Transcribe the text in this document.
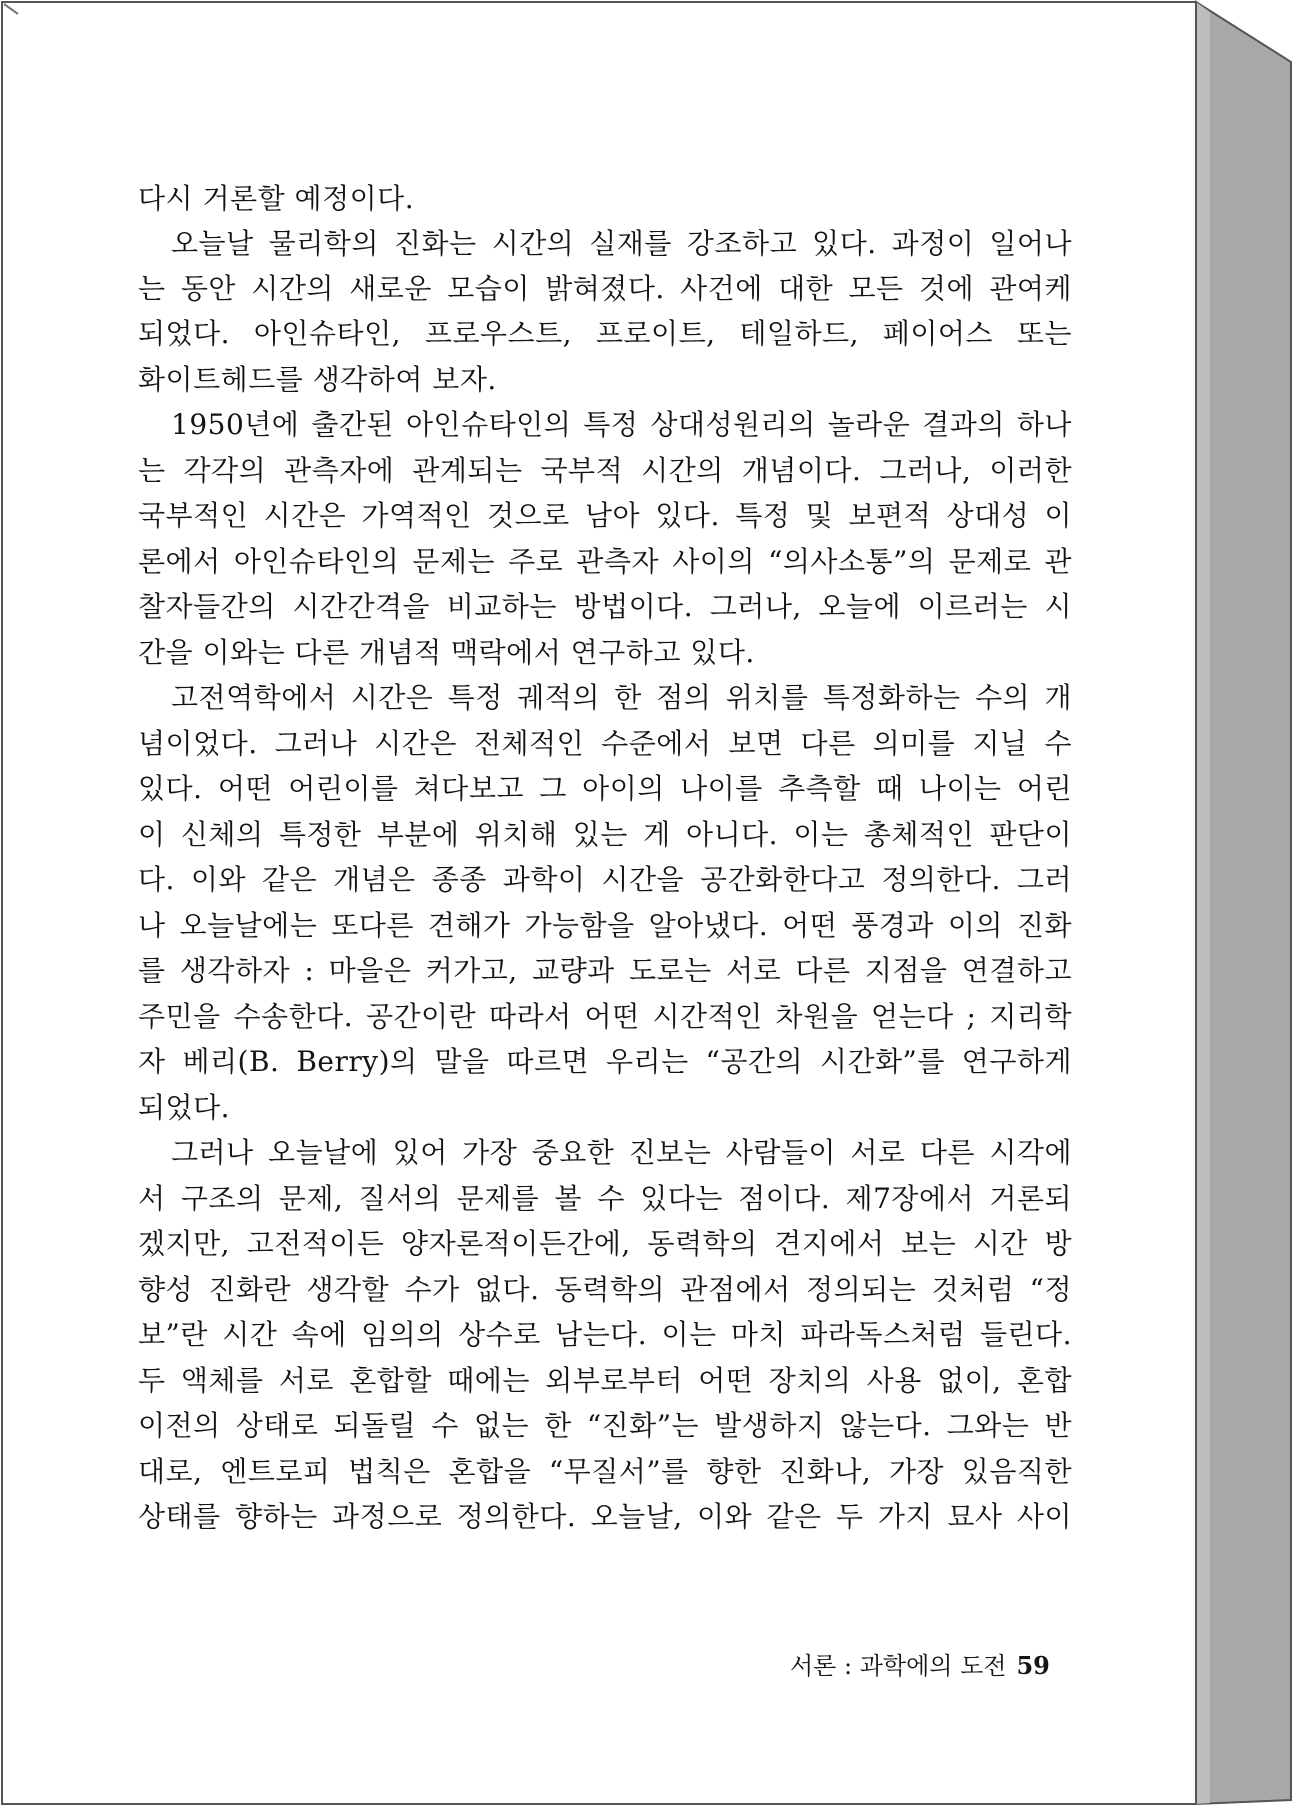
다시 거론할 예정이다.
오늘날 물리학의 진화는 시간의 실재를 강조하고 있다. 과정이 일어나
는 동안 시간의 새로운 모습이 밝혀졌다. 사건에 대한 모든 것에 관여케
되었다. 아인슈타인, 프로우스트, 프로이트, 테일하드, 페이어스 또는
화이트헤드를 생각하여 보자.
1950년에 출간된 아인슈타인의 특정 상대성원리의 놀라운 결과의 하나
는 각각의 관측자에 관계되는 국부적 시간의 개념이다. 그러나, 이러한
국부적인 시간은 가역적인 것으로 남아 있다. 특정 및 보편적 상대성 이
론에서 아인슈타인의 문제는 주로 관측자 사이의 “의사소통”의 문제로 관
찰자들간의 시간간격을 비교하는 방법이다. 그러나, 오늘에 이르러는 시
간을 이와는 다른 개념적 맥락에서 연구하고 있다.
고전역학에서 시간은 특정 궤적의 한 점의 위치를 특정화하는 수의 개
념이었다. 그러나 시간은 전체적인 수준에서 보면 다른 의미를 지닐 수
있다. 어떤 어린이를 쳐다보고 그 아이의 나이를 추측할 때 나이는 어린
이 신체의 특정한 부분에 위치해 있는 게 아니다. 이는 총체적인 판단이
다. 이와 같은 개념은 종종 과학이 시간을 공간화한다고 정의한다. 그러
나 오늘날에는 또다른 견해가 가능함을 알아냈다. 어떤 풍경과 이의 진화
를 생각하자 : 마을은 커가고, 교량과 도로는 서로 다른 지점을 연결하고
주민을 수송한다. 공간이란 따라서 어떤 시간적인 차원을 얻는다 ; 지리학
자 베리(B. Berry)의 말을 따르면 우리는 “공간의 시간화”를 연구하게
되었다.
그러나 오늘날에 있어 가장 중요한 진보는 사람들이 서로 다른 시각에
서 구조의 문제, 질서의 문제를 볼 수 있다는 점이다. 제7장에서 거론되
겠지만, 고전적이든 양자론적이든간에, 동력학의 견지에서 보는 시간 방
향성 진화란 생각할 수가 없다. 동력학의 관점에서 정의되는 것처럼 “정
보”란 시간 속에 임의의 상수로 남는다. 이는 마치 파라독스처럼 들린다.
두 액체를 서로 혼합할 때에는 외부로부터 어떤 장치의 사용 없이, 혼합
이전의 상태로 되돌릴 수 없는 한 “진화”는 발생하지 않는다. 그와는 반
대로, 엔트로피 법칙은 혼합을 “무질서”를 향한 진화나, 가장 있음직한
상태를 향하는 과정으로 정의한다. 오늘날, 이와 같은 두 가지 묘사 사이
서론 : 과학에의 도전 59
